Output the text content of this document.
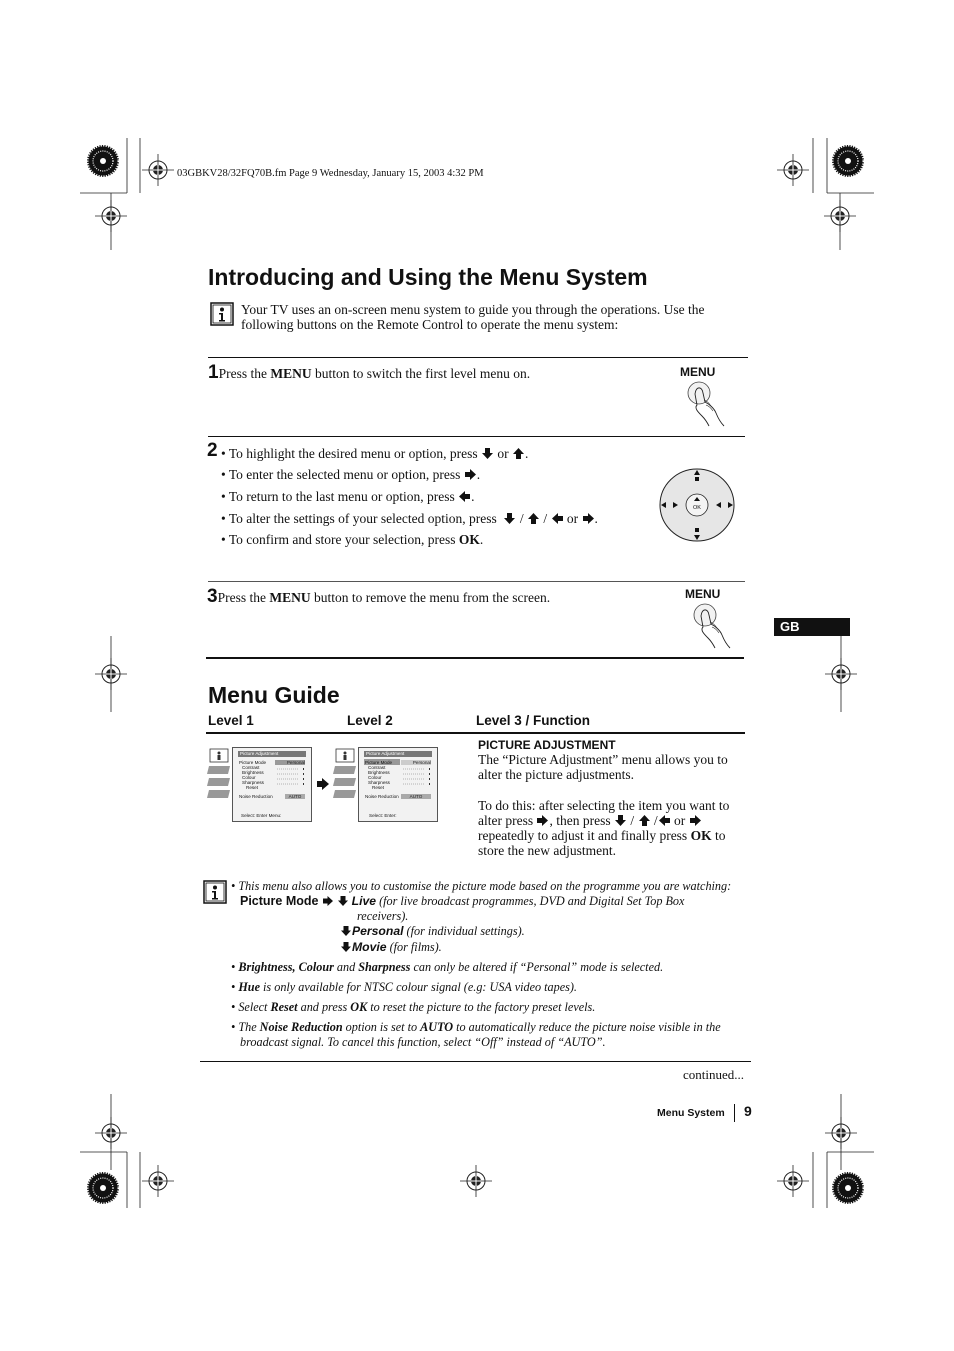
03GBKV28/32FQ70B.fm Page 9 Wednesday, January 15, 2003 4:32 PM
Introducing and Using the Menu System
Your TV uses an on-screen menu system to guide you through the operations. Use the
following buttons on the Remote Control to operate the menu system:
1Press the MENU button to switch the first level menu on.	MENU
2 • To highlight the desired menu or option, press or .
• To enter the selected menu or option, press .
• To return to the last menu or option, press .
• To alter the settings of your selected option, press / / or .
• To confirm and store your selection, press OK.
OK
3Press the MENU button to remove the menu from the screen.	MENU
GB
Menu Guide
Level 1	Level 2	Level 3 / Function
Picture Adjustment
Picture Mode
Contrast
Brightness
Colour
Sharpness
Reset
Noise Reduction
Personal
AUTO
Select: Enter Menu:
Picture Adjustment
Picture Mode
Contrast
Brightness
Colour
Sharpness
Reset
Noise Reduction
Personal
AUTO
Select: Enter:
PICTURE ADJUSTMENT
The “Picture Adjustment” menu allows you to
alter the picture adjustments.
To do this: after selecting the item you want to
alter press , then press / / or
repeatedly to adjust it and finally press OK to
store the new adjustment.
• This menu also allows you to customise the picture mode based on the programme you are watching:
Picture Mode	Live (for live broadcast programmes, DVD and Digital Set Top Box
receivers).
Personal (for individual settings).
Movie (for films).
• Brightness, Colour and Sharpness can only be altered if “Personal” mode is selected.
• Hue is only available for NTSC colour signal (e.g: USA video tapes).
• Select Reset and press OK to reset the picture to the factory preset levels.
• The Noise Reduction option is set to AUTO to automatically reduce the picture noise visible in the
broadcast signal. To cancel this function, select “Off” instead of “AUTO”.
continued...
Menu System 9
